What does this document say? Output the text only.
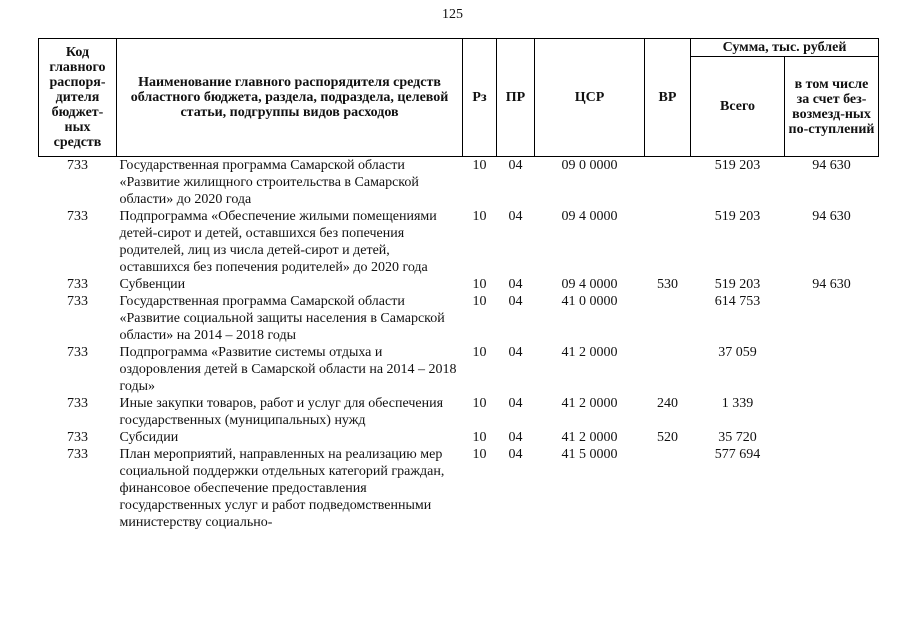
125
Код главного распоря-дителя бюджет-ных средств	Наименование главного распорядителя средств областного бюджета, раздела, подраздела, целевой статьи, подгруппы видов расходов	Рз	ПР	ЦСР	ВР	Сумма, тыс. рублей	
						Всего	в том числе за счет без-возмезд-ных по-ступлений
733	Государственная программа Самарской области «Развитие жилищного строительства в Самарской области» до 2020 года	10	04	09 0 0000		519 203	94 630
733	Подпрограмма «Обеспечение жилыми помещениями детей-сирот и детей, оставшихся без попечения родителей, лиц из числа детей-сирот и детей, оставшихся без попечения родителей» до 2020 года	10	04	09 4 0000		519 203	94 630
733	Субвенции	10	04	09 4 0000	530	519 203	94 630
733	Государственная программа Самарской области «Развитие социальной защиты населения в Самарской области» на 2014 – 2018 годы	10	04	41 0 0000		614 753	
733	Подпрограмма «Развитие системы отдыха и оздоровления детей в Самарской области на 2014 – 2018 годы»	10	04	41 2 0000		37 059	
733	Иные закупки товаров, работ и услуг для обеспечения государственных (муниципальных) нужд	10	04	41 2 0000	240	1 339	
733	Субсидии	10	04	41 2 0000	520	35 720	
733	План мероприятий, направленных на реализацию мер социальной поддержки отдельных категорий граждан, финансовое обеспечение предоставления государственных услуг и работ подведомственными министерству социально-	10	04	41 5 0000		577 694	
